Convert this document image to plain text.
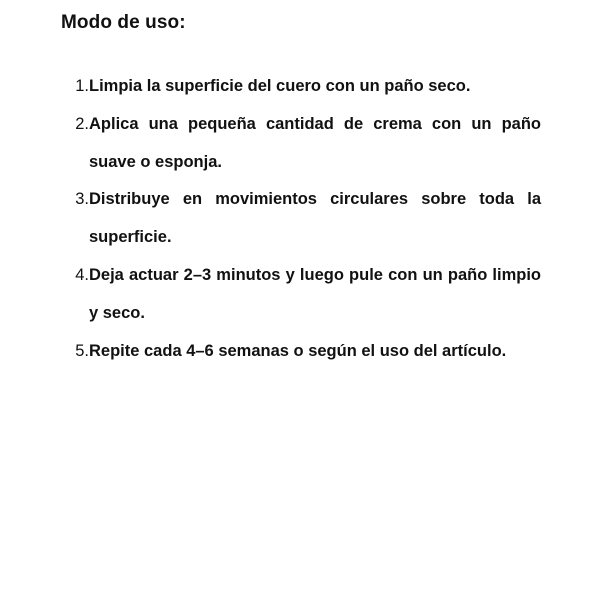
Modo de uso:
1. Limpia la superficie del cuero con un paño seco.
2. Aplica una pequeña cantidad de crema con un paño suave o esponja.
3. Distribuye en movimientos circulares sobre toda la superficie.
4. Deja actuar 2–3 minutos y luego pule con un paño limpio y seco.
5. Repite cada 4–6 semanas o según el uso del artículo.
